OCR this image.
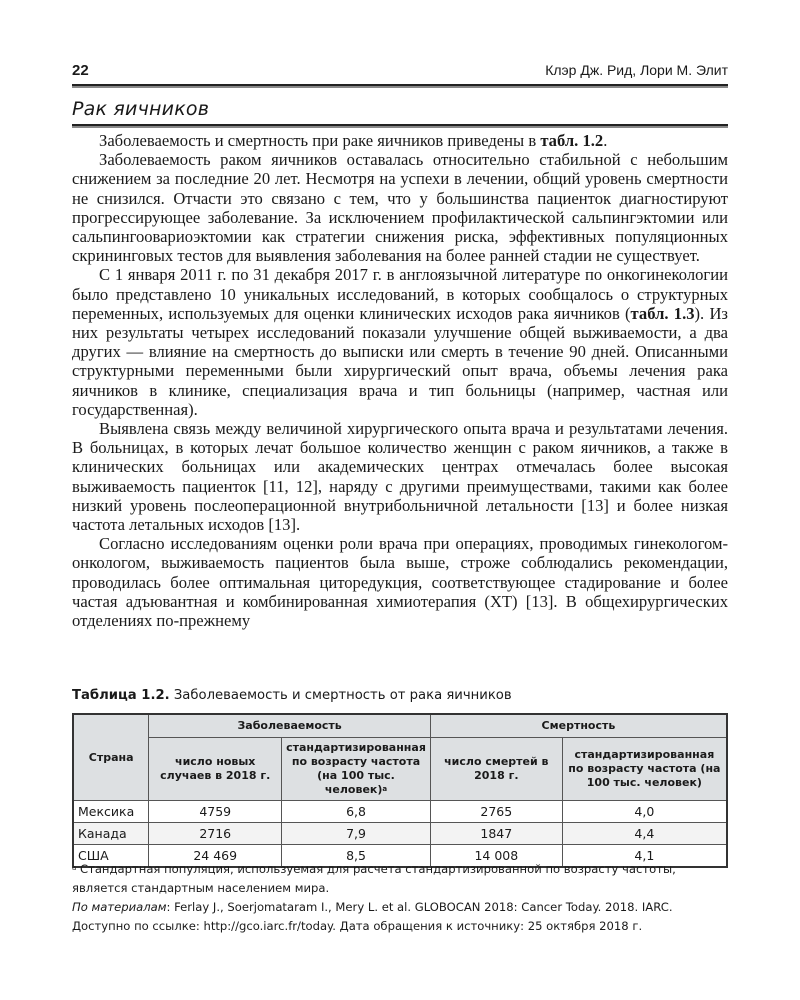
22	Клэр Дж. Рид, Лори М. Элит
Рак яичников

Заболеваемость и смертность при раке яичников приведены в табл. 1.2.

Заболеваемость раком яичников оставалась относительно стабильной с небольшим снижением за последние 20 лет. Несмотря на успехи в лечении, общий уровень смертности не снизился. Отчасти это связано с тем, что у большинства пациенток диагностируют прогрессирующее заболевание. За исключением профилактической сальпингэктомии или сальпингоовариоэктомии как стратегии снижения риска, эффективных популяционных скрининговых тестов для выявления заболевания на более ранней стадии не существует.

С 1 января 2011 г. по 31 декабря 2017 г. в англоязычной литературе по онкогинекологии было представлено 10 уникальных исследований, в которых сообщалось о структурных переменных, используемых для оценки клинических исходов рака яичников (табл. 1.3). Из них результаты четырех исследований показали улучшение общей выживаемости, а два других — влияние на смертность до выписки или смерть в течение 90 дней. Описанными структурными переменными были хирургический опыт врача, объемы лечения рака яичников в клинике, специализация врача и тип больницы (например, частная или государственная).

Выявлена связь между величиной хирургического опыта врача и результатами лечения. В больницах, в которых лечат большое количество женщин с раком яичников, а также в клинических больницах или академических центрах отмечалась более высокая выживаемость пациенток [11, 12], наряду с другими преимуществами, такими как более низкий уровень послеоперационной внутрибольничной летальности [13] и более низкая частота летальных исходов [13].

Согласно исследованиям оценки роли врача при операциях, проводимых гинекологом-онкологом, выживаемость пациентов была выше, строже соблюдались рекомендации, проводилась более оптимальная циторедукция, соответствующее стадирование и более частая адъювантная и комбинированная химиотерапия (ХТ) [13]. В общехирургических отделениях по-прежнему

Таблица 1.2. Заболеваемость и смертность от рака яичников
Страна	Заболеваемость		Смертность	
	число новых случаев в 2018 г.	стандартизированная по возрасту частота (на 100 тыс. человек)$^а$	число смертей в 2018 г.	стандартизированная по возрасту частота (на 100 тыс. человек)
Мексика	4759	6,8	2765	4,0
Канада	2716	7,9	1847	4,4
США	24 469	8,5	14 008	4,1

$^а$ Стандартная популяция, используемая для расчета стандартизированной по возрасту частоты, является стандартным населением мира.

По материалам: Ferlay J., Soerjomataram I., Mery L. et al. GLOBOCAN 2018: Cancer Today. 2018. IARC.

Доступно по ссылке: http://gco.iarc.fr/today. Дата обращения к источнику: 25 октября 2018 г.
